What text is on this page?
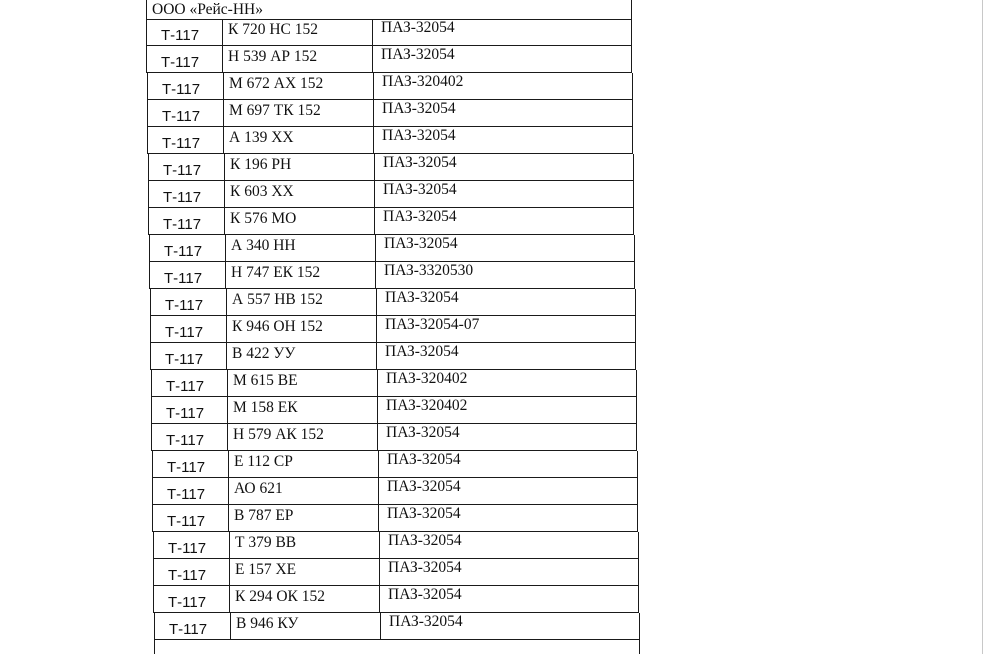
ООО «Рейс-НН»
Т-117	К 720 НС 152	ПАЗ-32054
Т-117	Н 539 АР 152	ПАЗ-32054
Т-117	М 672 АХ 152	ПАЗ-320402
Т-117	М 697 ТК 152	ПАЗ-32054
Т-117	А 139 ХХ	ПАЗ-32054
Т-117	К 196 РН	ПАЗ-32054
Т-117	К 603 ХХ	ПАЗ-32054
Т-117	К 576 МО	ПАЗ-32054
Т-117	А 340 НН	ПАЗ-32054
Т-117	Н 747 ЕК 152	ПАЗ-3320530
Т-117	А 557 НВ 152	ПАЗ-32054
Т-117	К 946 ОН 152	ПАЗ-32054-07
Т-117	В 422 УУ	ПАЗ-32054
Т-117	М 615 ВЕ	ПАЗ-320402
Т-117	М 158 ЕК	ПАЗ-320402
Т-117	Н 579 АК 152	ПАЗ-32054
Т-117	Е 112 СР	ПАЗ-32054
Т-117	АО 621	ПАЗ-32054
Т-117	В 787 ЕР	ПАЗ-32054
Т-117	Т 379 ВВ	ПАЗ-32054
Т-117	Е 157 ХЕ	ПАЗ-32054
Т-117	К 294 ОК 152	ПАЗ-32054
Т-117	В 946 КУ	ПАЗ-32054
